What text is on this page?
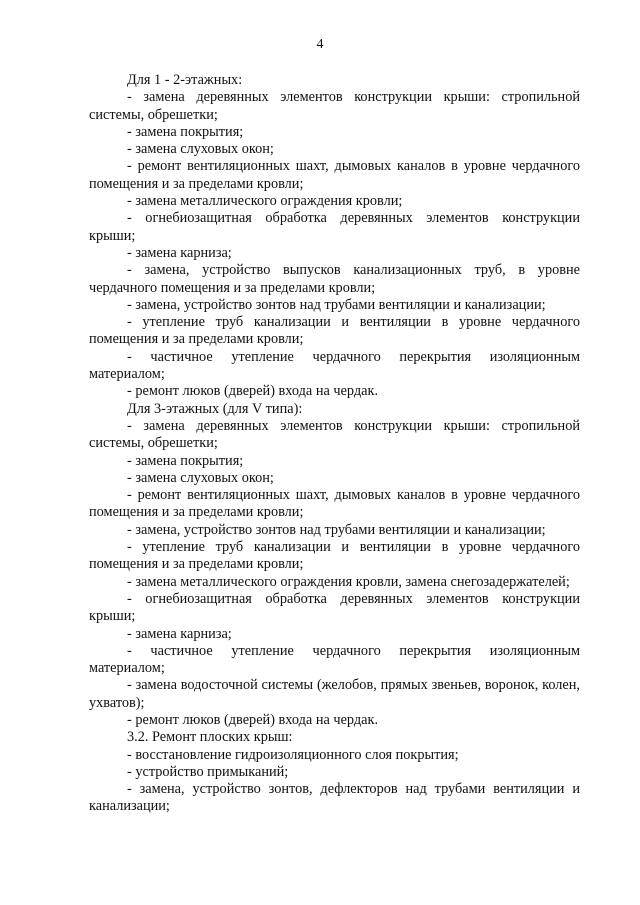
4

Для 1 - 2-этажных:

- замена деревянных элементов конструкции крыши: стропильной системы, обрешетки;

- замена покрытия;

- замена слуховых окон;

- ремонт вентиляционных шахт, дымовых каналов в уровне чердачного помещения и за пределами кровли;

- замена металлического ограждения кровли;

- огнебиозащитная обработка деревянных элементов конструкции крыши;

- замена карниза;

- замена, устройство выпусков канализационных труб, в уровне чердачного помещения и за пределами кровли;

- замена, устройство зонтов над трубами вентиляции и канализации;

- утепление труб канализации и вентиляции в уровне чердачного помещения и за пределами кровли;

- частичное утепление чердачного перекрытия изоляционным материалом;

- ремонт люков (дверей) входа на чердак.

Для 3-этажных (для V типа):

- замена деревянных элементов конструкции крыши: стропильной системы, обрешетки;

- замена покрытия;

- замена слуховых окон;

- ремонт вентиляционных шахт, дымовых каналов в уровне чердачного помещения и за пределами кровли;

- замена, устройство зонтов над трубами вентиляции и канализации;

- утепление труб канализации и вентиляции в уровне чердачного помещения и за пределами кровли;

- замена металлического ограждения кровли, замена снегозадержателей;

- огнебиозащитная обработка деревянных элементов конструкции крыши;

- замена карниза;

- частичное утепление чердачного перекрытия изоляционным материалом;

- замена водосточной системы (желобов, прямых звеньев, воронок, колен, ухватов);

- ремонт люков (дверей) входа на чердак.

3.2. Ремонт плоских крыш:

- восстановление гидроизоляционного слоя покрытия;

- устройство примыканий;

- замена, устройство зонтов, дефлекторов над трубами вентиляции и канализации;
